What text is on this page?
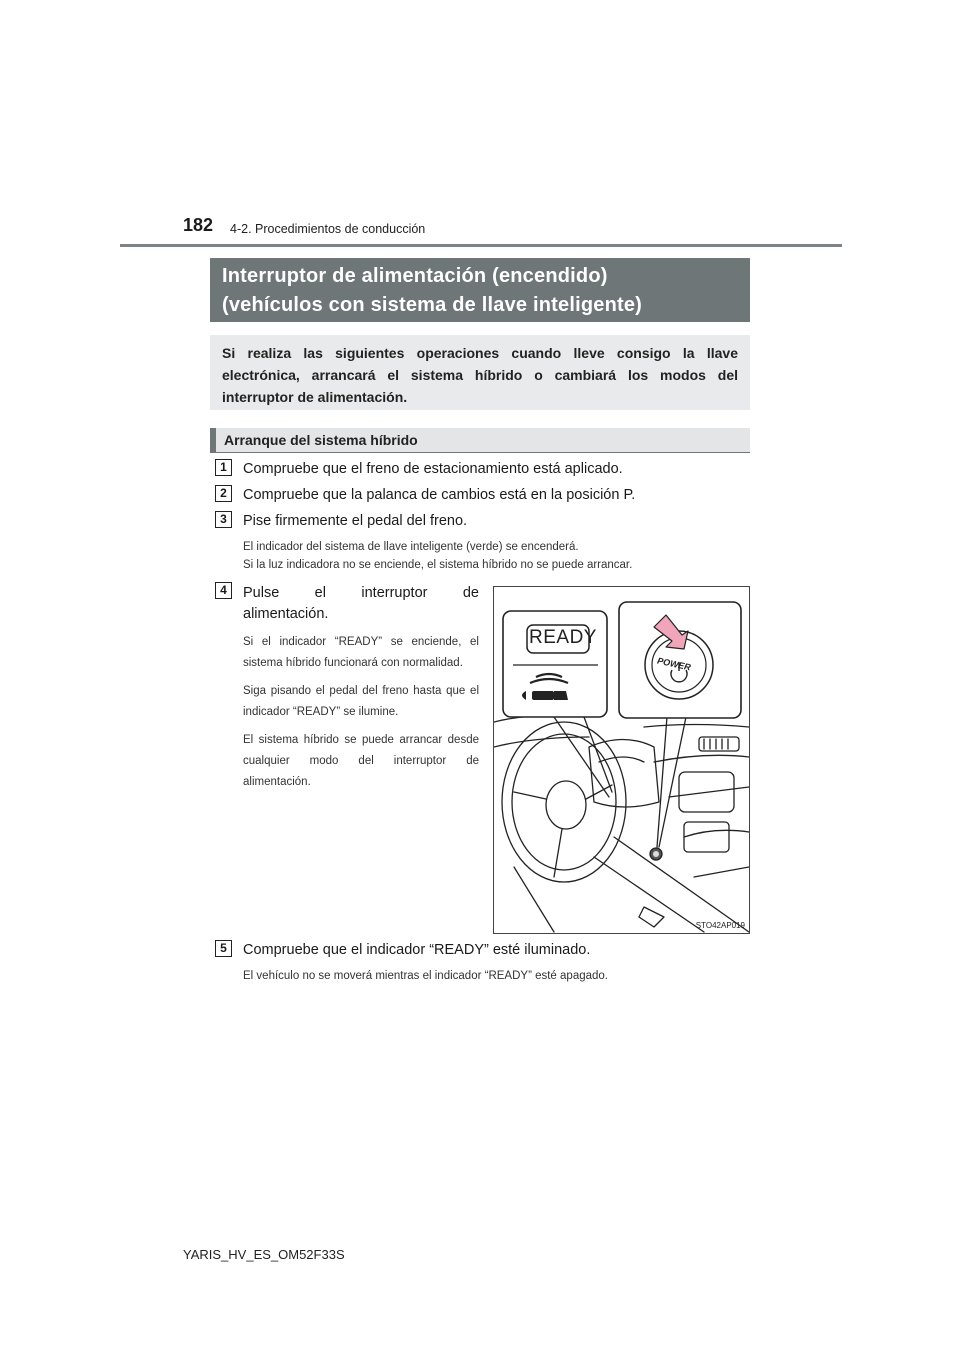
182 4-2. Procedimientos de conducción
Interruptor de alimentación (encendido)
(vehículos con sistema de llave inteligente)
Si realiza las siguientes operaciones cuando lleve consigo la llave electrónica, arrancará el sistema híbrido o cambiará los modos del interruptor de alimentación.
Arranque del sistema híbrido
1	Compruebe que el freno de estacionamiento está aplicado.
2	Compruebe que la palanca de cambios está en la posición P.
3	Pise firmemente el pedal del freno.
El indicador del sistema de llave inteligente (verde) se encenderá.
Si la luz indicadora no se enciende, el sistema híbrido no se puede arrancar.
4	Pulse el interruptor de
alimentación.
Si el indicador “READY” se enciende, el sistema híbrido funcionará con normalidad.
Siga pisando el pedal del freno hasta que el indicador “READY” se ilumine.
El sistema híbrido se puede arrancar desde cualquier modo del interruptor de alimentación.
READY
POWER
STO42AP019
5	Compruebe que el indicador “READY” esté iluminado.
El vehículo no se moverá mientras el indicador “READY” esté apagado.
YARIS_HV_ES_OM52F33S
